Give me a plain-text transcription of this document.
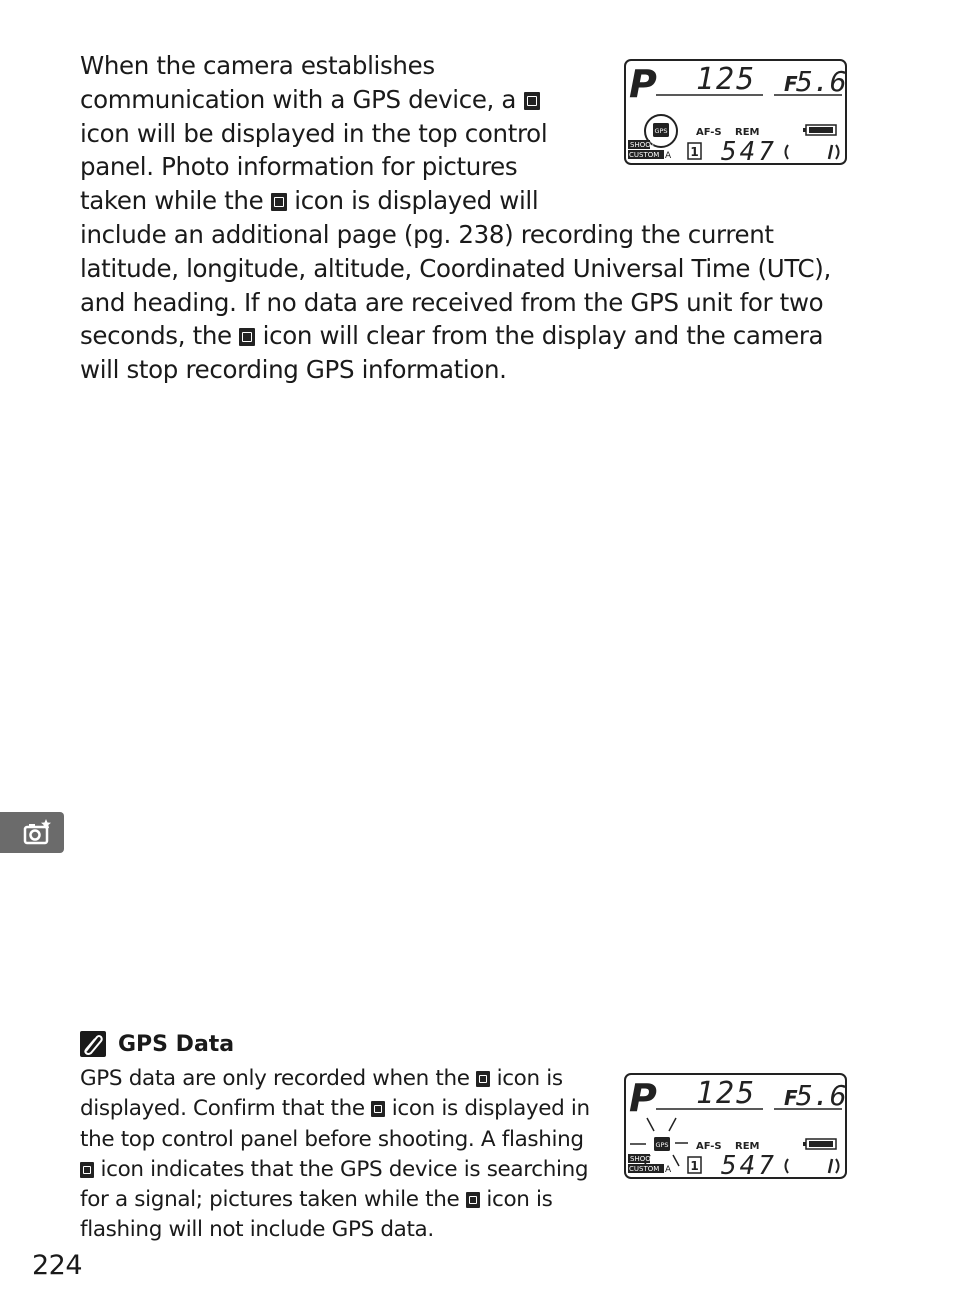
When the camera establishes communication with a GPS device, a  icon will be displayed in the top control panel. Photo information for pictures taken while the icon is displayed will include an additional page (pg. 238) recording the current latitude, longitude, altitude, Coordinated Universal Time (UTC), and heading. If no data are received from the GPS unit for two seconds, the icon will clear from the display and the camera will stop recording GPS information.

P 125 F
5.6
GPS	AF-S REM
SHOOT
CUSTOM A 1 547
GPS Data

GPS data are only recorded when the icon is displayed. Confirm that the icon is displayed in the top control panel before shooting. A flashing  icon indicates that the GPS device is searching for a signal; pictures taken while the icon is flashing will not include GPS data.

P 125 F
5.6
GPS	AF-S REM
SHOOT
CUSTOM A 1 547
224
